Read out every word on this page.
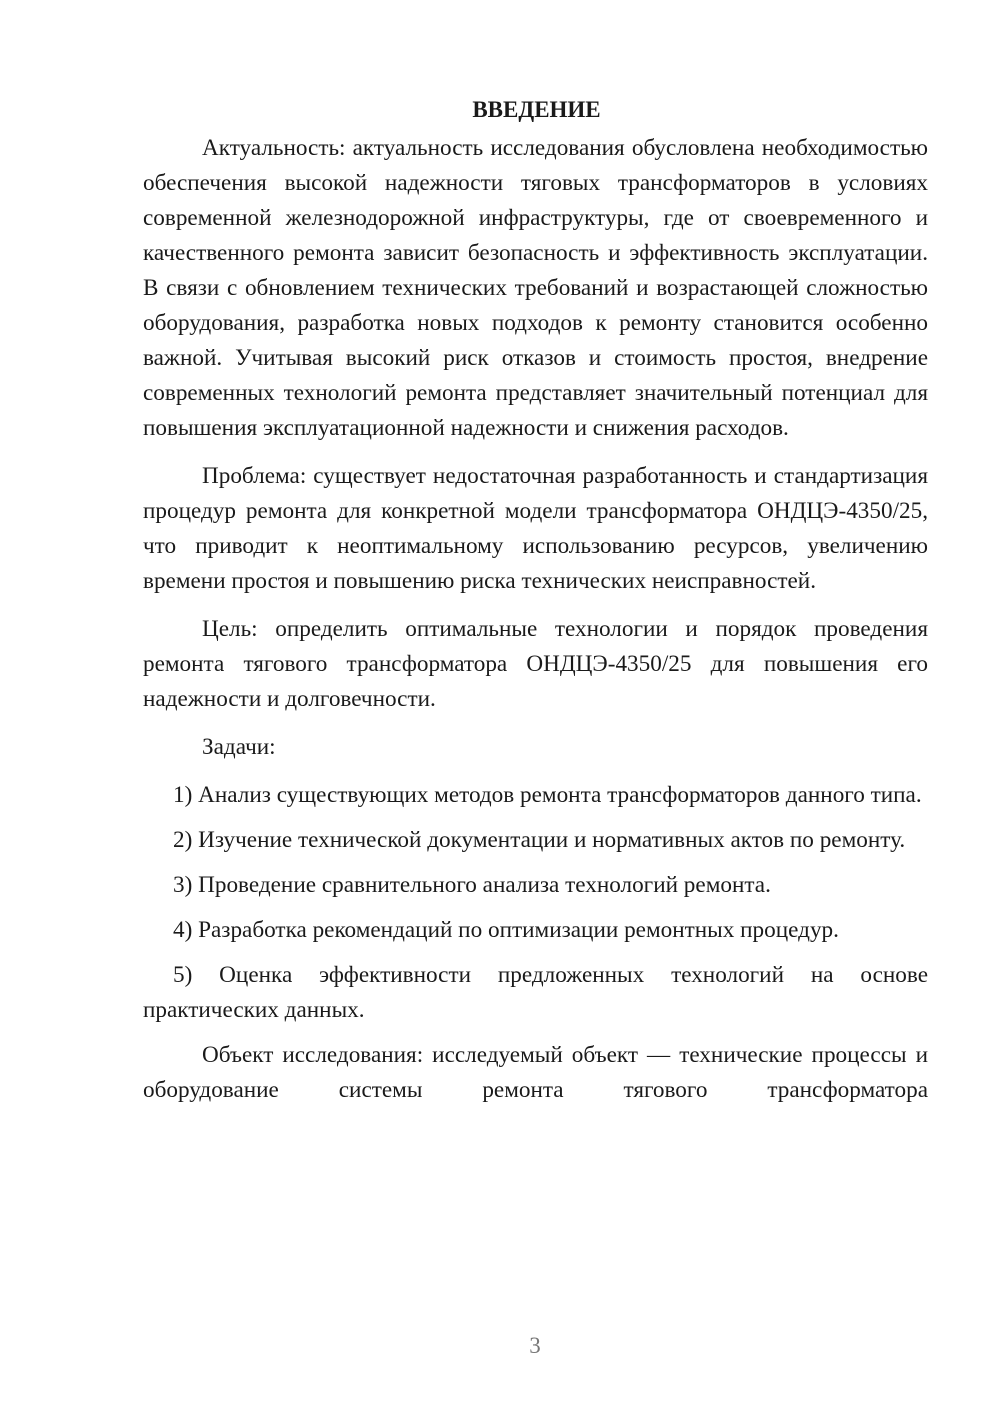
ВВЕДЕНИЕ

Актуальность: актуальность исследования обусловлена необходимостью обеспечения высокой надежности тяговых трансформаторов в условиях современной железнодорожной инфраструктуры, где от своевременного и качественного ремонта зависит безопасность и эффективность эксплуатации. В связи с обновлением технических требований и возрастающей сложностью оборудования, разработка новых подходов к ремонту становится особенно важной. Учитывая высокий риск отказов и стоимость простоя, внедрение современных технологий ремонта представляет значительный потенциал для повышения эксплуатационной надежности и снижения расходов.

Проблема: существует недостаточная разработанность и стандартизация процедур ремонта для конкретной модели трансформатора ОНДЦЭ-4350/25, что приводит к неоптимальному использованию ресурсов, увеличению времени простоя и повышению риска технических неисправностей.

Цель: определить оптимальные технологии и порядок проведения ремонта тягового трансформатора ОНДЦЭ-4350/25 для повышения его надежности и долговечности.

Задачи:

1) Анализ существующих методов ремонта трансформаторов данного типа.

2) Изучение технической документации и нормативных актов по ремонту.

3) Проведение сравнительного анализа технологий ремонта.

4) Разработка рекомендаций по оптимизации ремонтных процедур.

5) Оценка эффективности предложенных технологий на основе практических данных.

Объект исследования: исследуемый объект — технические процессы и оборудование системы ремонта тягового трансформатора

3
